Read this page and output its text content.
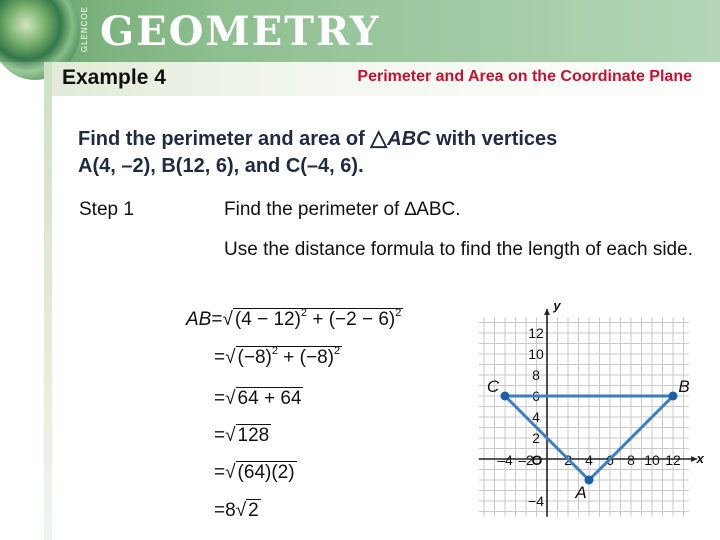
GLENCOE GEOMETRY
Example 4	Perimeter and Area on the Coordinate Plane
Find the perimeter and area of △ABC with vertices
A(4, –2), B(12, 6), and C(–4, 6).
Step 1	Find the perimeter of ∆ABC.
Use the distance formula to find the length of each side.
AB=√ $(4 - 12)^2 + (-2 - 6)^2$
=√ $(-8)^2 + (-8)^2$
=√ 64 + 64
=√ 128
=√ (64)(2)
=8√ 2
–4 –2 2 4 6 8 10 12
12
10
8
6
4
2
−4
O	x
y
C	B
A
